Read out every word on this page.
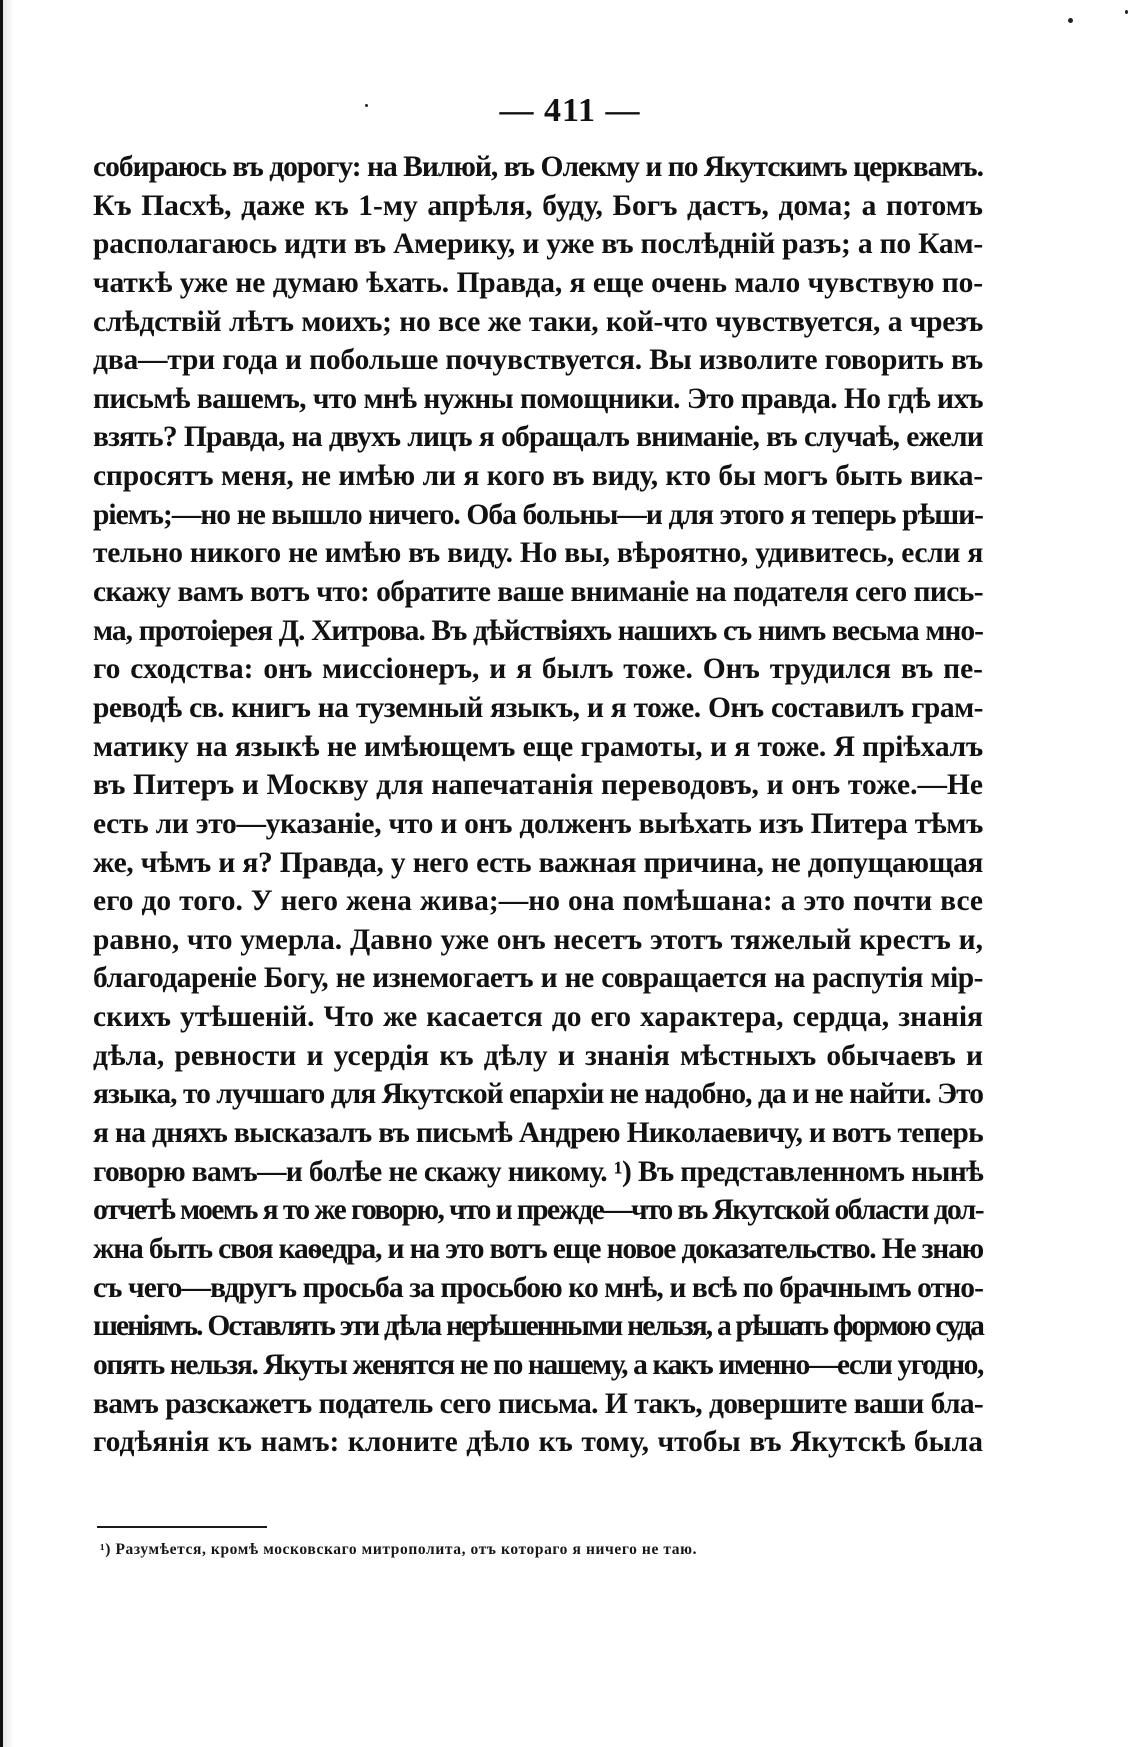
— 411 —
собираюсь въ дорогу: на Вилюй, въ Олекму и по Якутскимъ церквамъ.
Къ Пасхѣ, даже къ 1-му апрѣля, буду, Богъ дастъ, дома; а потомъ
располагаюсь идти въ Америку, и уже въ послѣдній разъ; а по Кам-
чаткѣ уже не думаю ѣхать. Правда, я еще очень мало чувствую по-
слѣдствій лѣтъ моихъ; но все же таки, кой-что чувствуется, а чрезъ
два—три года и побольше почувствуется. Вы изволите говорить въ
письмѣ вашемъ, что мнѣ нужны помощники. Это правда. Но гдѣ ихъ
взять? Правда, на двухъ лицъ я обращалъ вниманіе, въ случаѣ, ежели
спросятъ меня, не имѣю ли я кого въ виду, кто бы могъ быть вика-
ріемъ;—но не вышло ничего. Оба больны—и для этого я теперь рѣши-
тельно никого не имѣю въ виду. Но вы, вѣроятно, удивитесь, если я
скажу вамъ вотъ что: обратите ваше вниманіе на подателя сего пись-
ма, протоіерея Д. Хитрова. Въ дѣйствіяхъ нашихъ съ нимъ весьма мно-
го сходства: онъ миссіонеръ, и я былъ тоже. Онъ трудился въ пе-
реводѣ св. книгъ на туземный языкъ, и я тоже. Онъ составилъ грам-
матику на языкѣ не имѣющемъ еще грамоты, и я тоже. Я пріѣхалъ
въ Питеръ и Москву для напечатанія переводовъ, и онъ тоже.—Не
есть ли это—указаніе, что и онъ долженъ выѣхать изъ Питера тѣмъ
же, чѣмъ и я? Правда, у него есть важная причина, не допущающая
его до того. У него жена жива;—но она помѣшана: а это почти все
равно, что умерла. Давно уже онъ несетъ этотъ тяжелый крестъ и,
благодареніе Богу, не изнемогаетъ и не совращается на распутія мір-
скихъ утѣшеній. Что же касается до его характера, сердца, знанія
дѣла, ревности и усердія къ дѣлу и знанія мѣстныхъ обычаевъ и
языка, то лучшаго для Якутской епархіи не надобно, да и не найти. Это
я на дняхъ высказалъ въ письмѣ Андрею Николаевичу, и вотъ теперь
говорю вамъ—и болѣе не скажу никому. ¹) Въ представленномъ нынѣ
отчетѣ моемъ я то же говорю, что и прежде—что въ Якутской области дол-
жна быть своя каѳедра, и на это вотъ еще новое доказательство. Не знаю
съ чего—вдругъ просьба за просьбою ко мнѣ, и всѣ по брачнымъ отно-
шеніямъ. Оставлять эти дѣла нерѣшенными нельзя, а рѣшать формою суда
опять нельзя. Якуты женятся не по нашему, а какъ именно—если угодно,
вамъ разскажетъ податель сего письма. И такъ, довершите ваши бла-
годѣянія къ намъ: клоните дѣло къ тому, чтобы въ Якутскѣ была
¹) Разумѣется, кромѣ московскаго митрополита, отъ котораго я ничего не таю.
